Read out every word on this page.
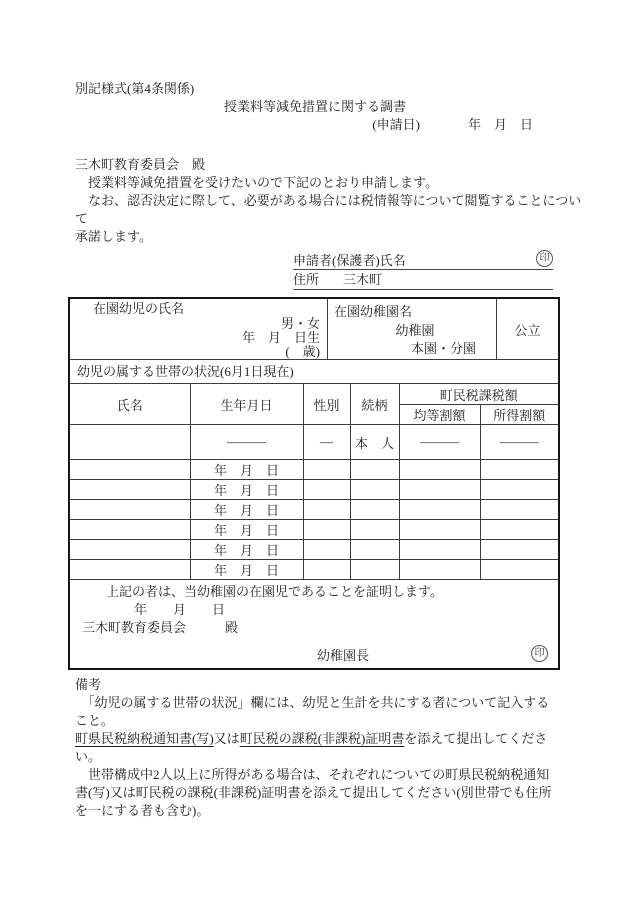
別記様式(第4条関係)
授業料等減免措置に関する調書
(申請日)	年　月　日
三木町教育委員会　殿
　授業料等減免措置を受けたいので下記のとおり申請します。
　なお、認否決定に際して、必要がある場合には税情報等について閲覧することについて
承諾します。
申請者(保護者)氏名	印
住所 三木町
在園幼児の氏名
男・女
年　月　日生
(　歳)
在園幼稚園名
幼稚園
本園・分園
公立
幼児の属する世帯の状況(6月1日現在)
氏名	生年月日	性別	続柄	町民税課税額	
				均等割額	所得割額
	———	—	本　人	———	———
	年　月　日				
	年　月　日				
	年　月　日				
	年　月　日				
	年　月　日				
	年　月　日				
上記の者は、当幼稚園の在園児であることを証明します。
年　　月　　日
三木町教育委員会　　　殿
幼稚園長	印
備考
　「幼児の属する世帯の状況」欄には、幼児と生計を共にする者について記入すること。
町県民税納税通知書(写)又は町民税の課税(非課税)証明書を添えて提出してください。
　世帯構成中2人以上に所得がある場合は、それぞれについての町県民税納税通知書(写)又は町民税の課税(非課税)証明書を添えて提出してください(別世帯でも住所を一にする者も含む)。
